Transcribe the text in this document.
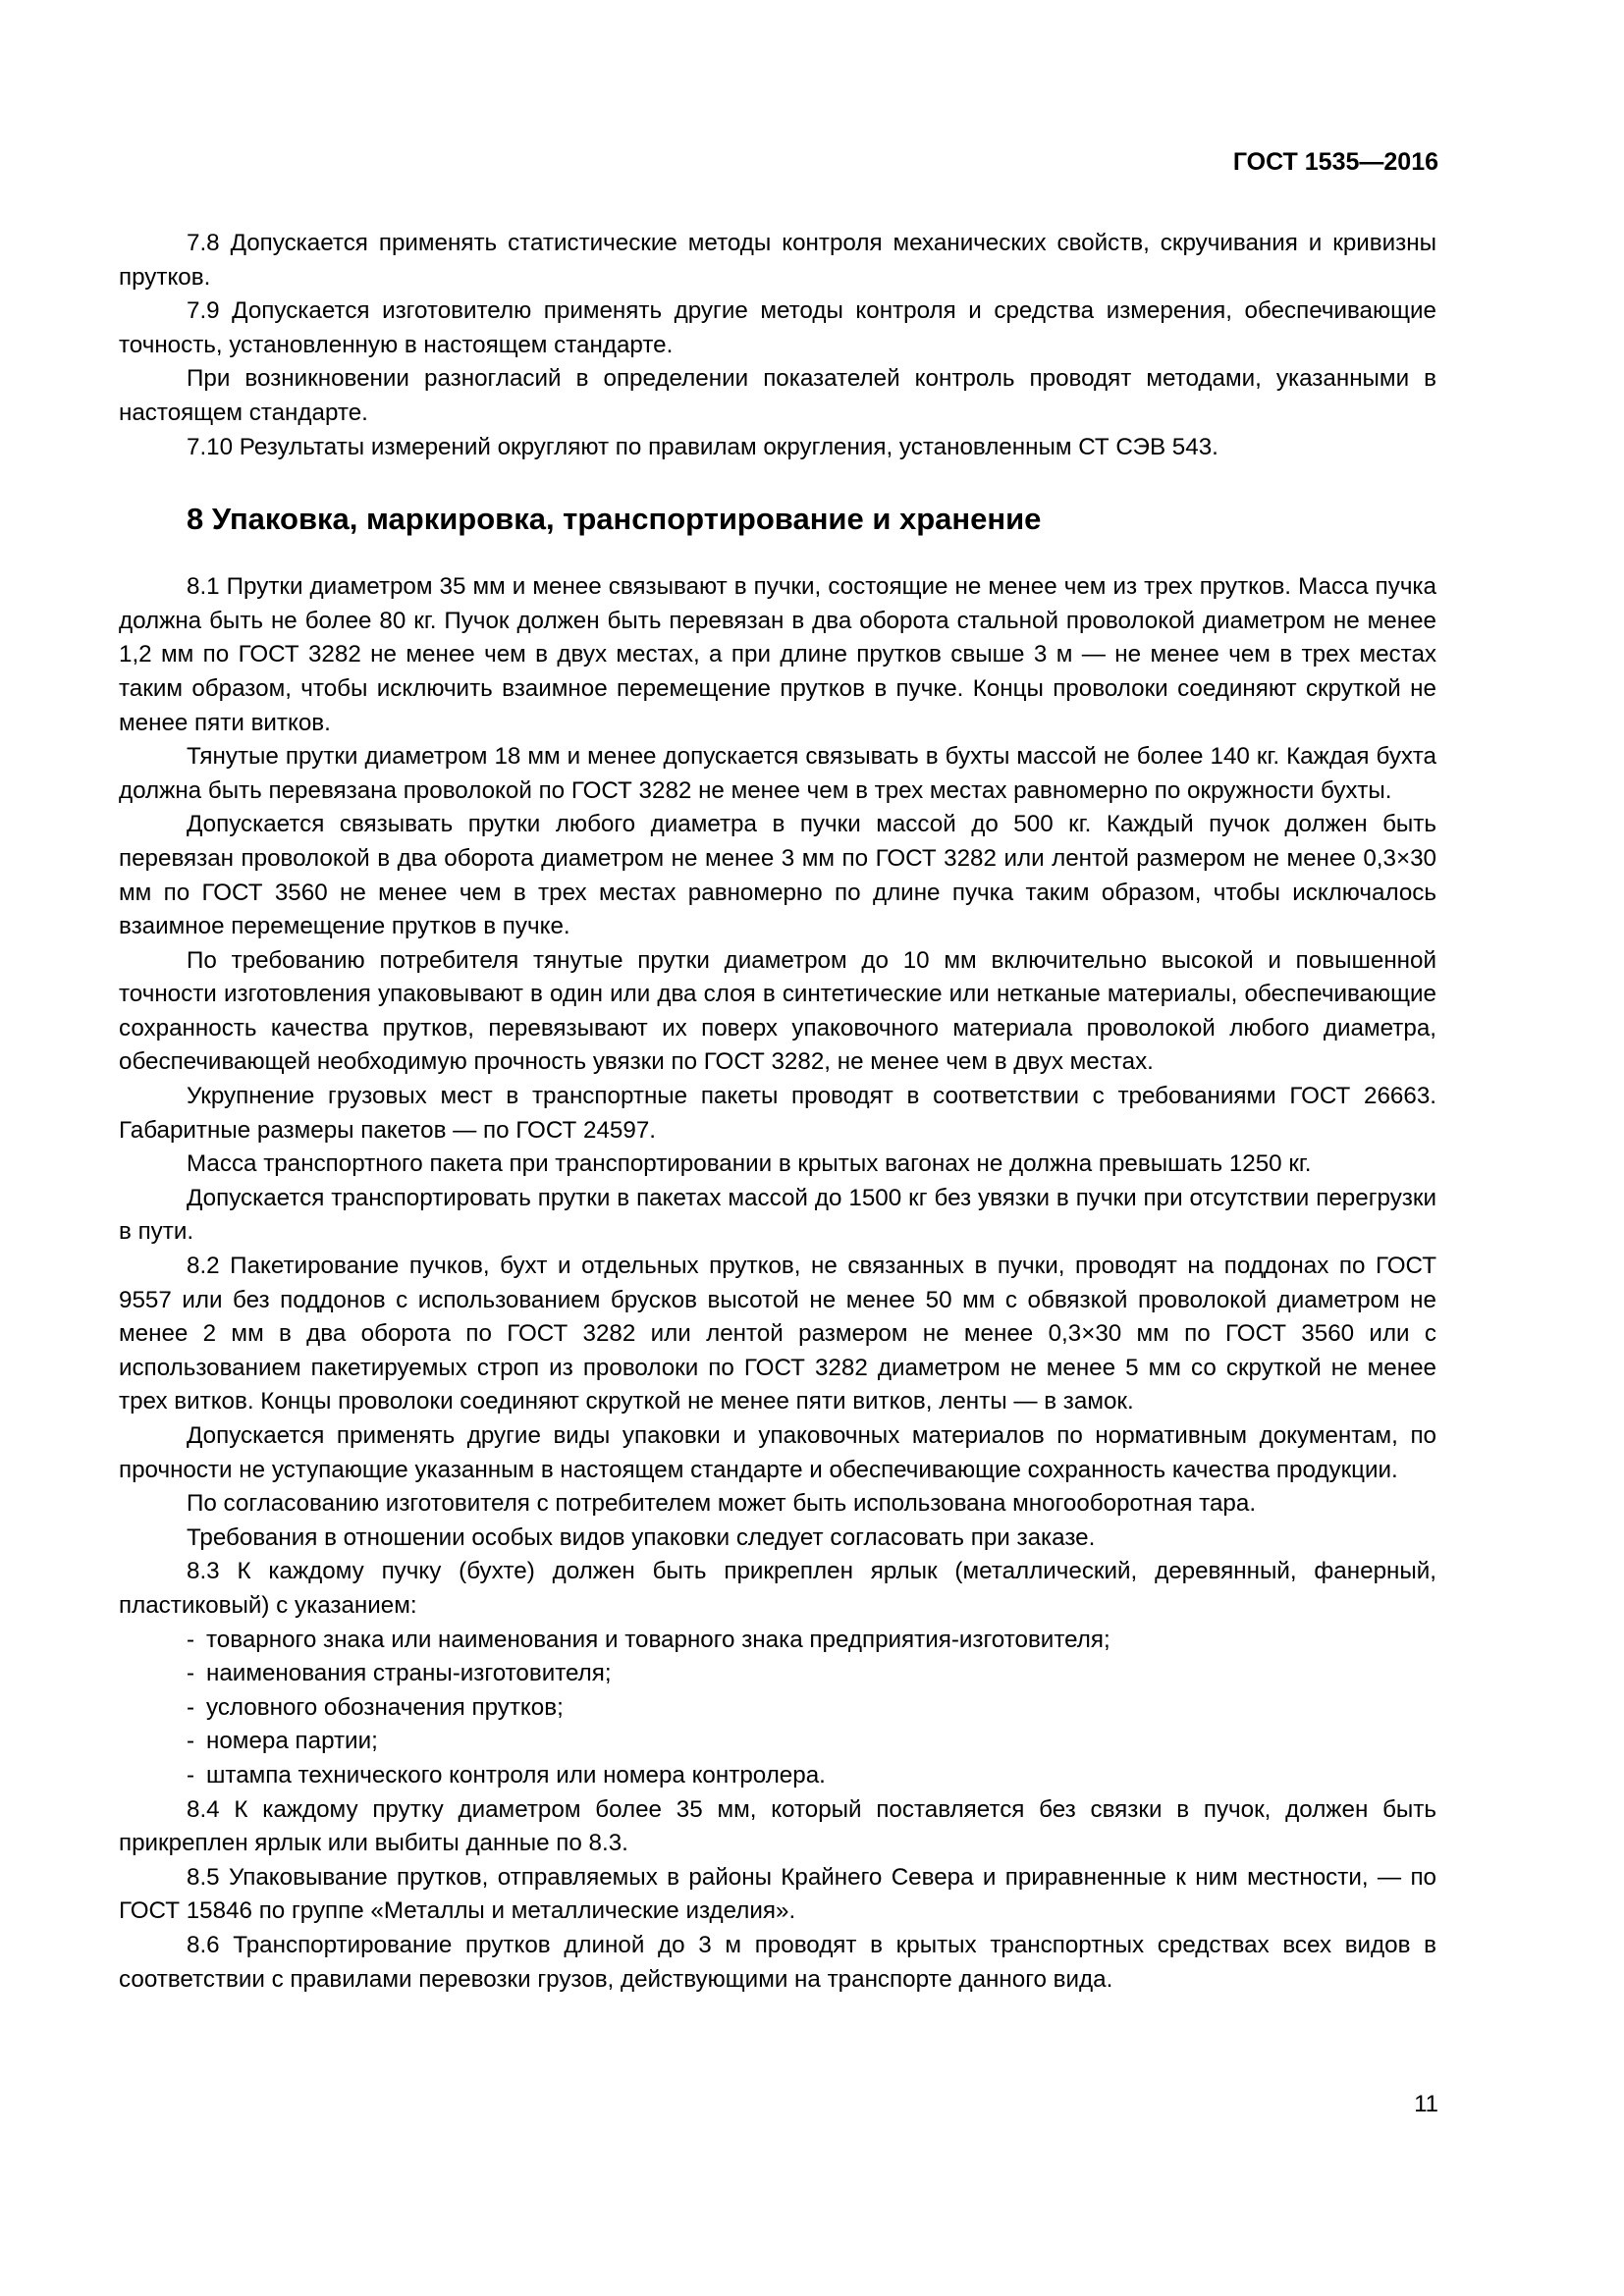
ГОСТ 1535—2016

7.8 Допускается применять статистические методы контроля механических свойств, скручивания и кривизны прутков.

7.9 Допускается изготовителю применять другие методы контроля и средства измерения, обеспечивающие точность, установленную в настоящем стандарте.

При возникновении разногласий в определении показателей контроль проводят методами, указанными в настоящем стандарте.

7.10 Результаты измерений округляют по правилам округления, установленным СТ СЭВ 543.

8 Упаковка, маркировка, транспортирование и хранение

8.1 Прутки диаметром 35 мм и менее связывают в пучки, состоящие не менее чем из трех прутков. Масса пучка должна быть не более 80 кг. Пучок должен быть перевязан в два оборота стальной проволокой диаметром не менее 1,2 мм по ГОСТ 3282 не менее чем в двух местах, а при длине прутков свыше 3 м — не менее чем в трех местах таким образом, чтобы исключить взаимное перемещение прутков в пучке. Концы проволоки соединяют скруткой не менее пяти витков.

Тянутые прутки диаметром 18 мм и менее допускается связывать в бухты массой не более 140 кг. Каждая бухта должна быть перевязана проволокой по ГОСТ 3282 не менее чем в трех местах равномерно по окружности бухты.

Допускается связывать прутки любого диаметра в пучки массой до 500 кг. Каждый пучок должен быть перевязан проволокой в два оборота диаметром не менее 3 мм по ГОСТ 3282 или лентой размером не менее 0,3×30 мм по ГОСТ 3560 не менее чем в трех местах равномерно по длине пучка таким образом, чтобы исключалось взаимное перемещение прутков в пучке.

По требованию потребителя тянутые прутки диаметром до 10 мм включительно высокой и повышенной точности изготовления упаковывают в один или два слоя в синтетические или нетканые материалы, обеспечивающие сохранность качества прутков, перевязывают их поверх упаковочного материала проволокой любого диаметра, обеспечивающей необходимую прочность увязки по ГОСТ 3282, не менее чем в двух местах.

Укрупнение грузовых мест в транспортные пакеты проводят в соответствии с требованиями ГОСТ 26663. Габаритные размеры пакетов — по ГОСТ 24597.

Масса транспортного пакета при транспортировании в крытых вагонах не должна превышать 1250 кг.

Допускается транспортировать прутки в пакетах массой до 1500 кг без увязки в пучки при отсутствии перегрузки в пути.

8.2 Пакетирование пучков, бухт и отдельных прутков, не связанных в пучки, проводят на поддонах по ГОСТ 9557 или без поддонов с использованием брусков высотой не менее 50 мм с обвязкой проволокой диаметром не менее 2 мм в два оборота по ГОСТ 3282 или лентой размером не менее 0,3×30 мм по ГОСТ 3560 или с использованием пакетируемых строп из проволоки по ГОСТ 3282 диаметром не менее 5 мм со скруткой не менее трех витков. Концы проволоки соединяют скруткой не менее пяти витков, ленты — в замок.

Допускается применять другие виды упаковки и упаковочных материалов по нормативным документам, по прочности не уступающие указанным в настоящем стандарте и обеспечивающие сохранность качества продукции.

По согласованию изготовителя с потребителем может быть использована многооборотная тара.

Требования в отношении особых видов упаковки следует согласовать при заказе.

8.3 К каждому пучку (бухте) должен быть прикреплен ярлык (металлический, деревянный, фанерный, пластиковый) с указанием:

- товарного знака или наименования и товарного знака предприятия-изготовителя;
- наименования страны-изготовителя;
- условного обозначения прутков;
- номера партии;
- штампа технического контроля или номера контролера.

8.4 К каждому прутку диаметром более 35 мм, который поставляется без связки в пучок, должен быть прикреплен ярлык или выбиты данные по 8.3.

8.5 Упаковывание прутков, отправляемых в районы Крайнего Севера и приравненные к ним местности, — по ГОСТ 15846 по группе «Металлы и металлические изделия».

8.6 Транспортирование прутков длиной до 3 м проводят в крытых транспортных средствах всех видов в соответствии с правилами перевозки грузов, действующими на транспорте данного вида.

11
